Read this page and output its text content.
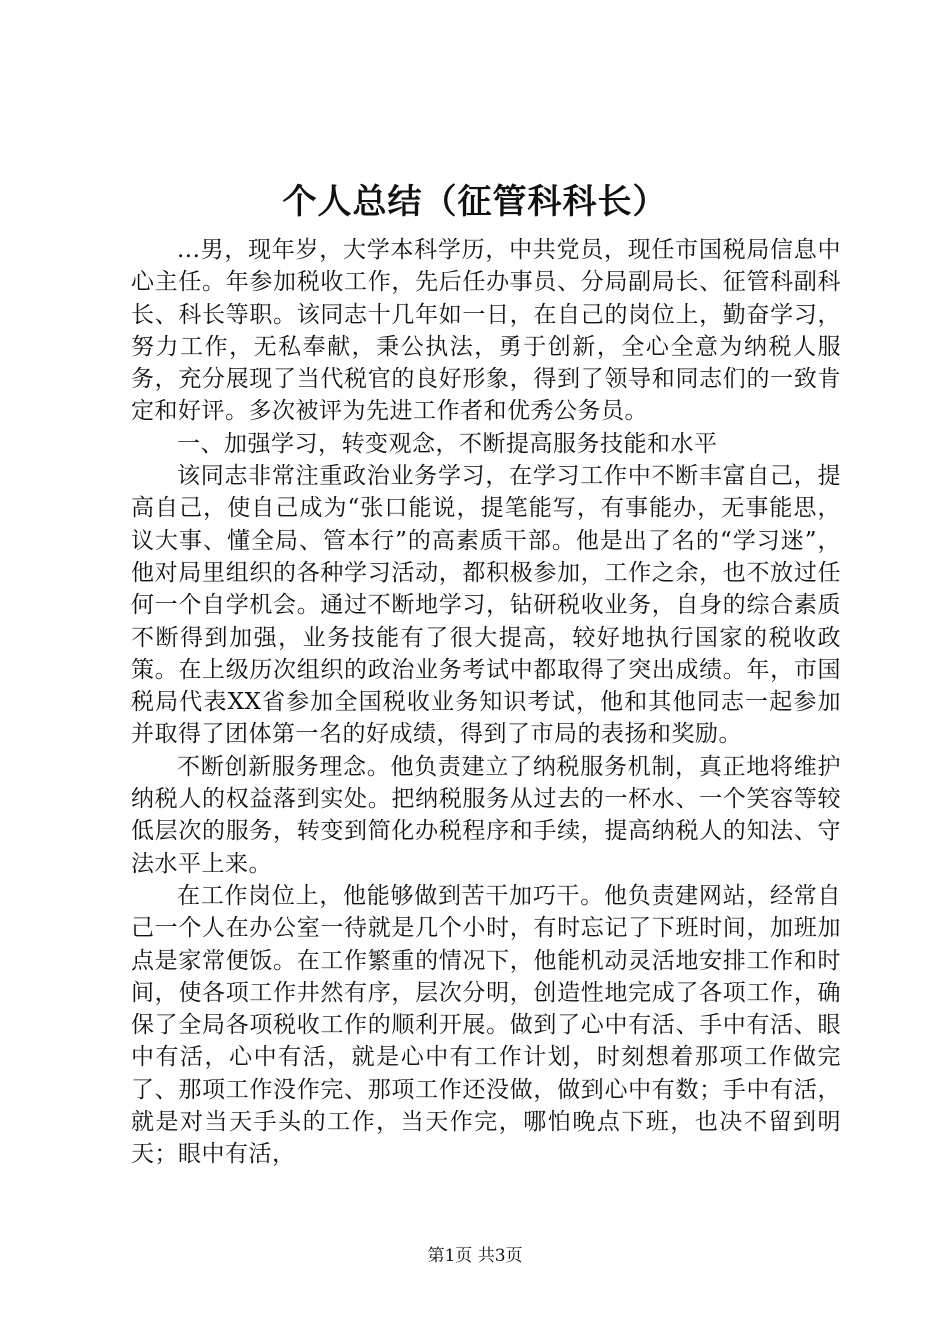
个人总结（征管科科长）

...男，现年岁，大学本科学历，中共党员，现任市国税局信息中心主任。年参加税收工作，先后任办事员、分局副局长、征管科副科长、科长等职。该同志十几年如一日，在自己的岗位上，勤奋学习，努力工作，无私奉献，秉公执法，勇于创新，全心全意为纳税人服务，充分展现了当代税官的良好形象，得到了领导和同志们的一致肯定和好评。多次被评为先进工作者和优秀公务员。

一、加强学习，转变观念，不断提高服务技能和水平

该同志非常注重政治业务学习，在学习工作中不断丰富自己，提高自己，使自己成为“张口能说，提笔能写，有事能办，无事能思，议大事、懂全局、管本行”的高素质干部。他是出了名的“学习迷”，他对局里组织的各种学习活动，都积极参加，工作之余，也不放过任何一个自学机会。通过不断地学习，钻研税收业务，自身的综合素质不断得到加强，业务技能有了很大提高，较好地执行国家的税收政策。在上级历次组织的政治业务考试中都取得了突出成绩。年，市国税局代表XX省参加全国税收业务知识考试，他和其他同志一起参加并取得了团体第一名的好成绩，得到了市局的表扬和奖励。

不断创新服务理念。他负责建立了纳税服务机制，真正地将维护纳税人的权益落到实处。把纳税服务从过去的一杯水、一个笑容等较低层次的服务，转变到简化办税程序和手续，提高纳税人的知法、守法水平上来。

在工作岗位上，他能够做到苦干加巧干。他负责建网站，经常自己一个人在办公室一待就是几个小时，有时忘记了下班时间，加班加点是家常便饭。在工作繁重的情况下，他能机动灵活地安排工作和时间，使各项工作井然有序，层次分明，创造性地完成了各项工作，确保了全局各项税收工作的顺利开展。做到了心中有活、手中有活、眼中有活，心中有活，就是心中有工作计划，时刻想着那项工作做完了、那项工作没作完、那项工作还没做，做到心中有数；手中有活，就是对当天手头的工作，当天作完，哪怕晚点下班，也决不留到明天；眼中有活，

第1页 共3页
